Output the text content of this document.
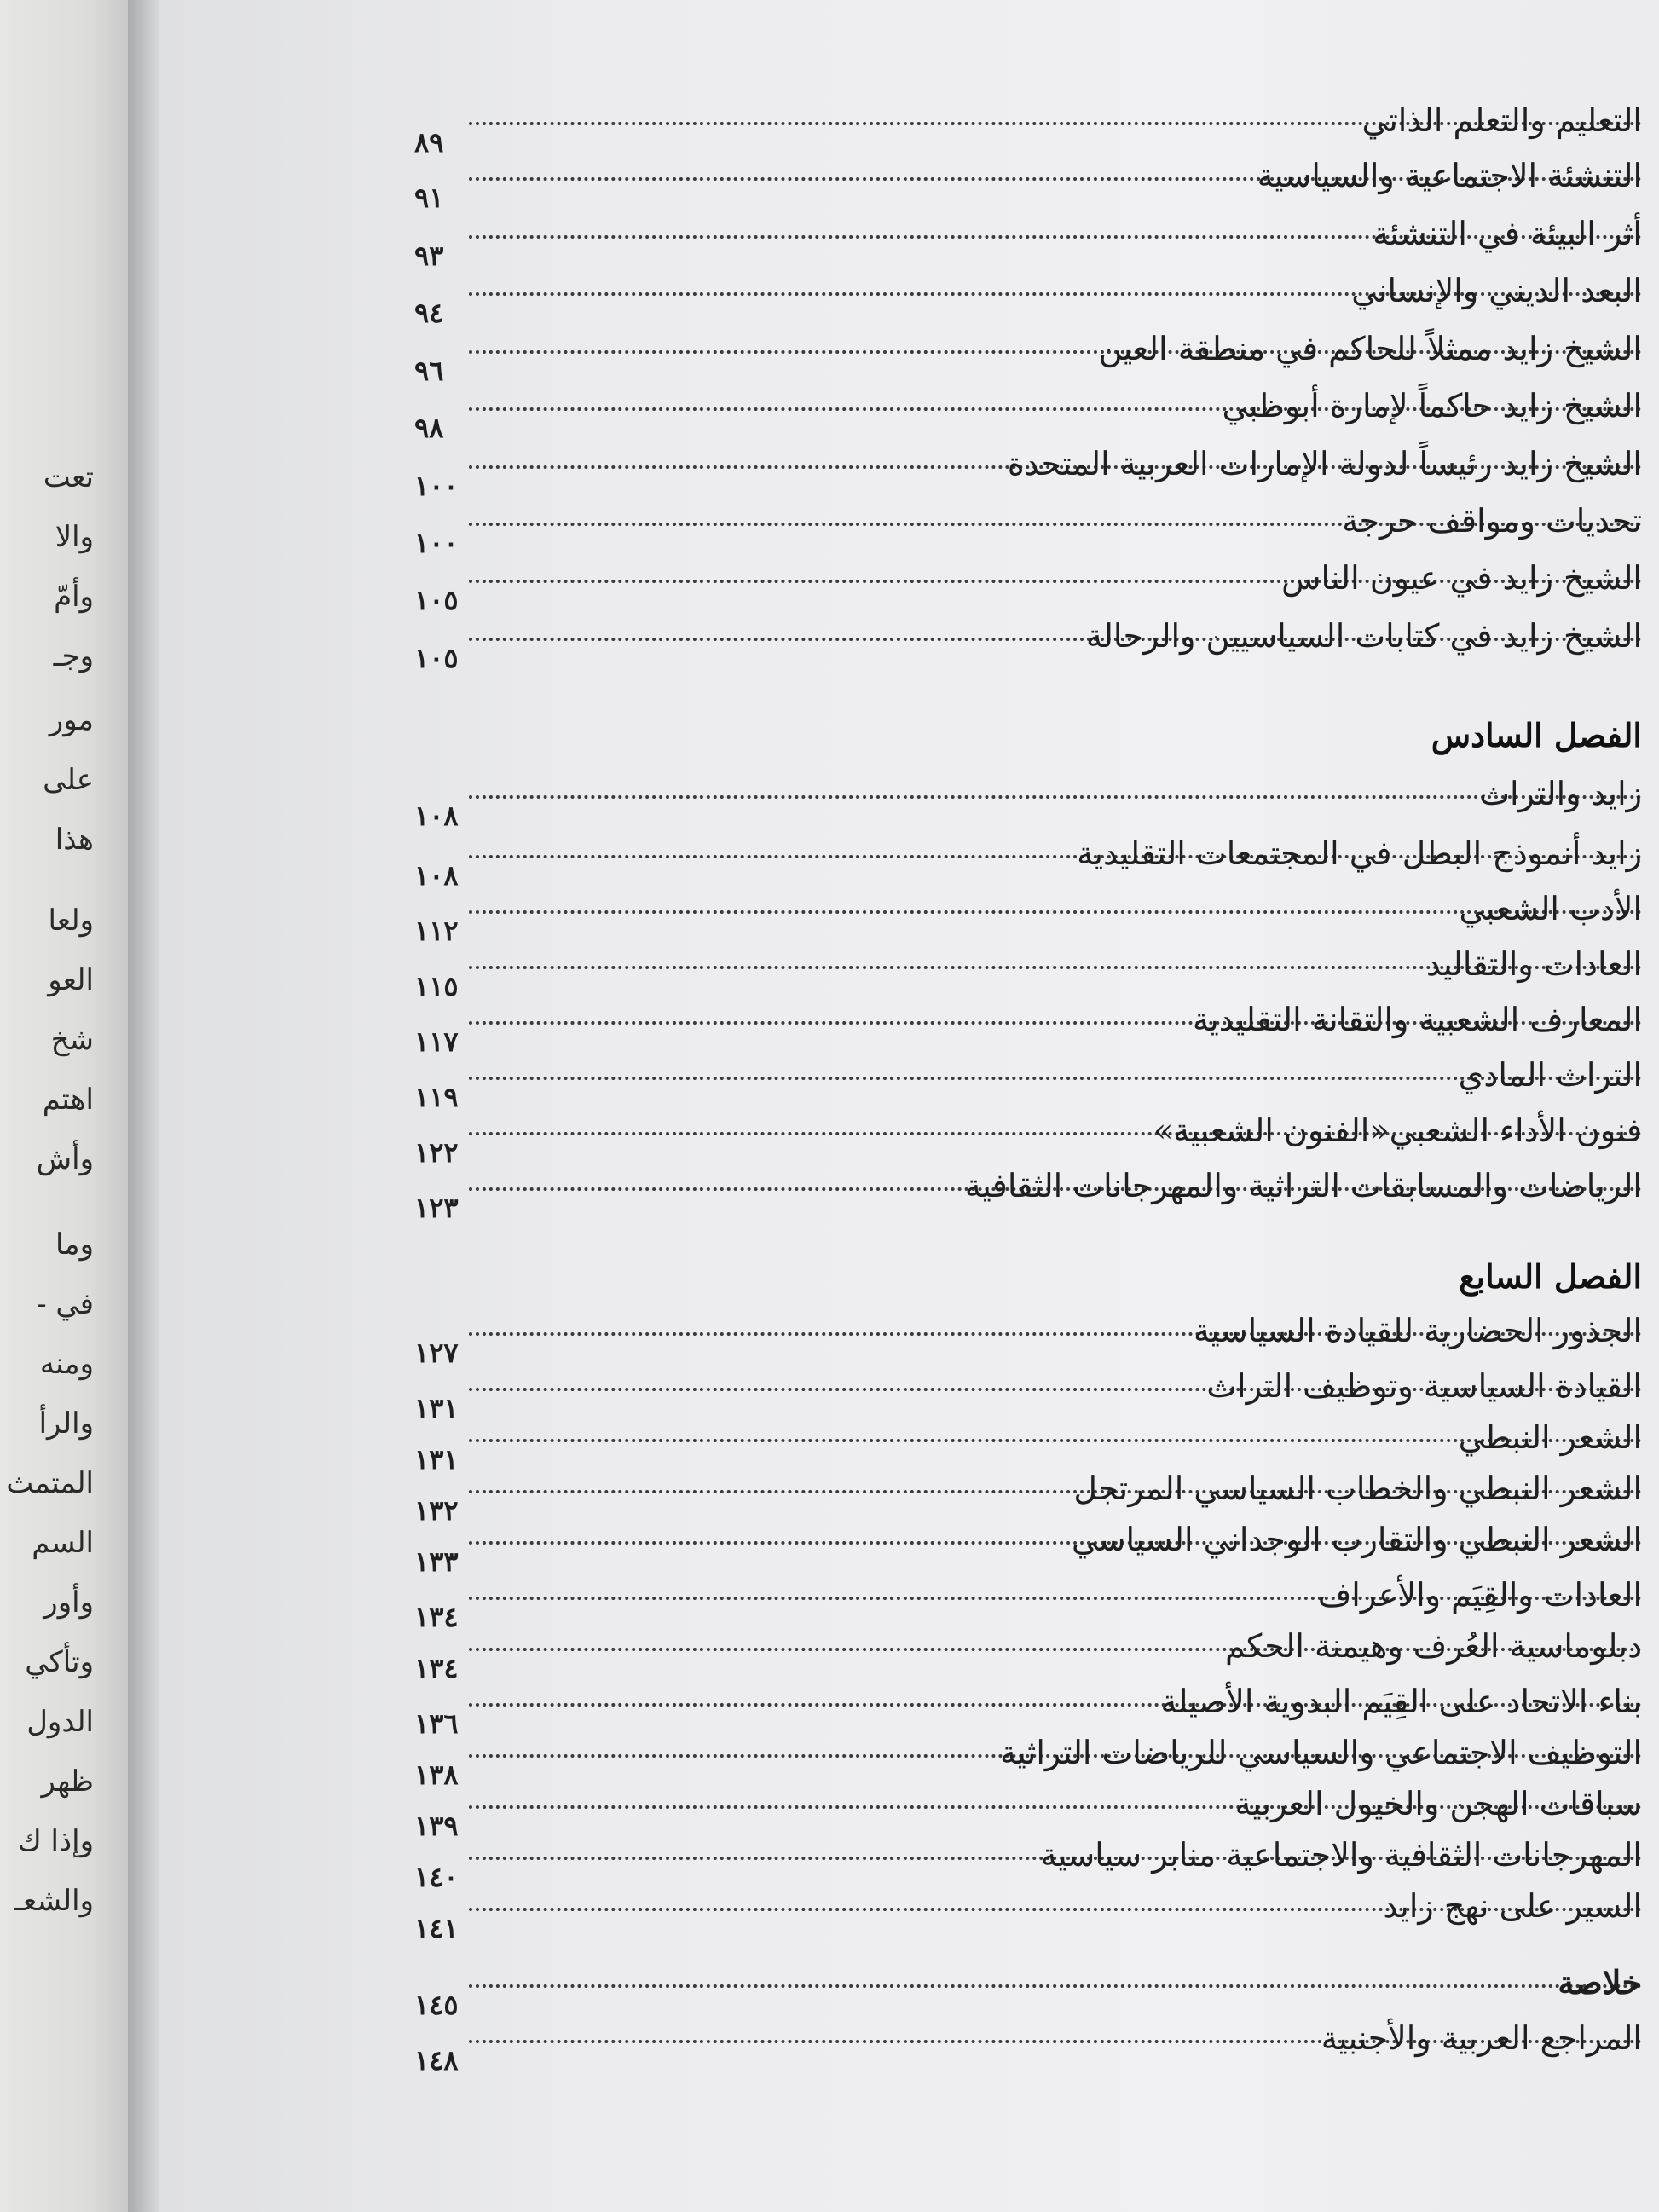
تعت
والا
وأمّ
وجـ
مور
على
هذا
ولعا
العو
شخ
اهتم
وأش
وما
في -
ومنه
والرأ
المتمث
السم
وأور
وتأكي
الدول
ظهر
وإذا ك
والشعـ
التعليم والتعلم الذاتي
٨٩
التنشئة الاجتماعية والسياسية
٩١
أثر البيئة في التنشئة
٩٣
البعد الديني والإنساني
٩٤
الشيخ زايد ممثلاً للحاكم في منطقة العين
٩٦
الشيخ زايد حاكماً لإمارة أبوظبي
٩٨
الشيخ زايد رئيساً لدولة الإمارات العربية المتحدة
١٠٠
تحديات ومواقف حرجة
١٠٠
الشيخ زايد في عيون الناس
١٠٥
الشيخ زايد في كتابات السياسيين والرحالة
١٠٥
الفصل السادس
زايد والتراث
١٠٨
زايد أنموذج البطل في المجتمعات التقليدية
١٠٨
الأدب الشعبي
١١٢
العادات والتقاليد
١١٥
المعارف الشعبية والتقانة التقليدية
١١٧
التراث المادي
١١٩
فنون الأداء الشعبي«الفنون الشعبية»
١٢٢
الرياضات والمسابقات التراثية والمهرجانات الثقافية
١٢٣
الفصل السابع
الجذور الحضارية للقيادة السياسية
١٢٧
القيادة السياسية وتوظيف التراث
١٣١
الشعر النبطي
١٣١
الشعر النبطي والخطاب السياسي المرتجل
١٣٢
الشعر النبطي والتقارب الوجداني السياسي
١٣٣
العادات والقِيَم والأعراف
١٣٤
دبلوماسية العُرف وهيمنة الحكم
١٣٤
بناء الاتحاد على القِيَم البدوية الأصيلة
١٣٦
التوظيف الاجتماعي والسياسي للرياضات التراثية
١٣٨
سباقات الهجن والخيول العربية
١٣٩
المهرجانات الثقافية والاجتماعية منابر سياسية
١٤٠
السير على نهج زايد
١٤١
خلاصة
١٤٥
المراجع العربية والأجنبية
١٤٨
